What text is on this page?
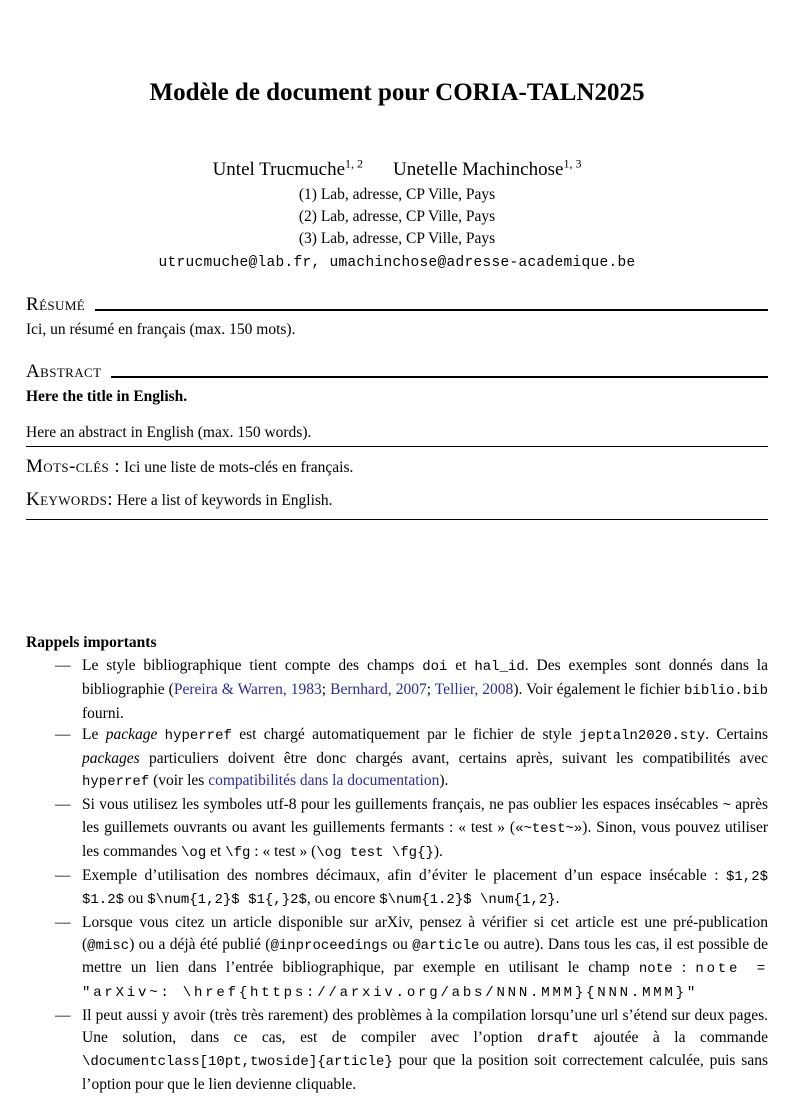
Modèle de document pour CORIA-TALN2025
Untel Trucmuche$^{1, 2}$ Unetelle Machinchose$^{1, 3}$
(1) Lab, adresse, CP Ville, Pays
(2) Lab, adresse, CP Ville, Pays
(3) Lab, adresse, CP Ville, Pays
utrucmuche@lab.fr, umachinchose@adresse-academique.be
Résumé

Ici, un résumé en français (max. 150 mots).

Abstract

Here the title in English.

Here an abstract in English (max. 150 words).

Mots-clés : Ici une liste de mots-clés en français.
Keywords: Here a list of keywords in English.
Rappels importants
— Le style bibliographique tient compte des champs doi et hal_id. Des exemples sont donnés dans la bibliographie (Pereira & Warren, 1983; Bernhard, 2007; Tellier, 2008). Voir également le fichier biblio.bib fourni.
— Le package hyperref est chargé automatiquement par le fichier de style jeptaln2020.sty. Certains packages particuliers doivent être donc chargés avant, certains après, suivant les compatibilités avec hyperref (voir les compatibilités dans la documentation).
— Si vous utilisez les symboles utf-8 pour les guillements français, ne pas oublier les espaces insécables ~ après les guillemets ouvrants ou avant les guillements fermants : « test » («~test~»). Sinon, vous pouvez utiliser les commandes \og et \fg : « test » (\og test \fg{}).
— Exemple d’utilisation des nombres décimaux, afin d’éviter le placement d’un espace insécable : $1,2$ $1.2$ ou $\num{1,2}$ $1{,}2$, ou encore $\num{1.2}$ \num{1,2}.
— Lorsque vous citez un article disponible sur arXiv, pensez à vérifier si cet article est une pré-publication (@misc) ou a déjà été publié (@inproceedings ou @article ou autre). Dans tous les cas, il est possible de mettre un lien dans l’entrée bibliographique, par exemple en utilisant le champ note : note = "arXiv~: \href{https://arxiv.org/abs/NNN.MMM}{NNN.MMM}"
— Il peut aussi y avoir (très très rarement) des problèmes à la compilation lorsqu’une url s’étend sur deux pages. Une solution, dans ce cas, est de compiler avec l’option draft ajoutée à la commande \documentclass[10pt,twoside]{article} pour que la position soit correctement calculée, puis sans l’option pour que le lien devienne cliquable.
